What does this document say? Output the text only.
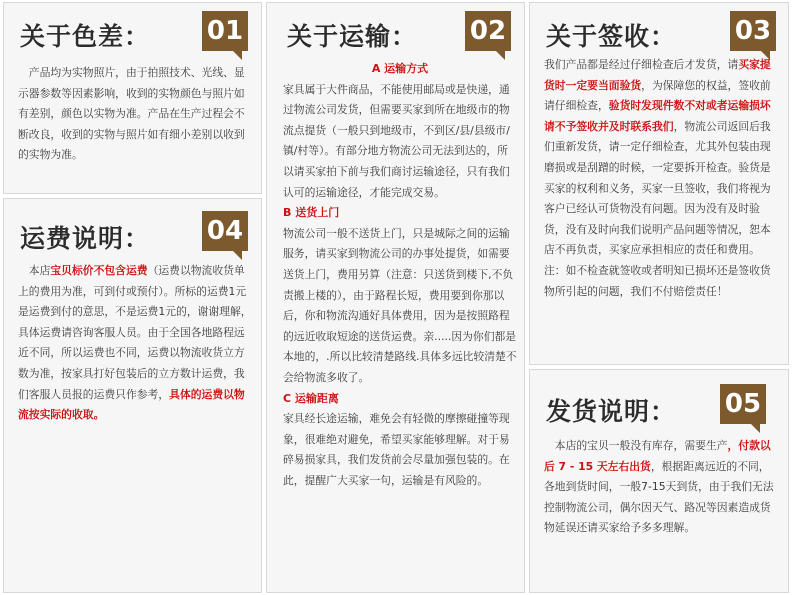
关于色差： 01

产品均为实物照片，由于拍照技术、光线、显示器参数等因素影响，收到的实物颜色与照片如有差别，颜色以实物为准。产品在生产过程会不断改良，收到的实物与照片如有细小差别以收到的实物为准。

运费说明： 04

本店宝贝标价不包含运费（运费以物流收货单上的费用为准，可到付或预付）。所标的运费1元是运费到付的意思，不是运费1元的，谢谢理解，具体运费请咨询客服人员。由于全国各地路程远近不同，所以运费也不同，运费以物流收货立方数为准，按家具打好包装后的立方数计运费，我们客服人员报的运费只作参考，具体的运费以物流按实际的收取。

关于运输： 02

A 运输方式

家具属于大件商品，不能使用邮局或是快递，通过物流公司发货，但需要买家到所在地级市的物流点提货（一般只到地级市，不到区/县/县级市/镇/村等）。有部分地方物流公司无法到达的，所以请买家拍下前与我们商讨运输途径，只有我们认可的运输途径，才能完成交易。

B 送货上门

物流公司一般不送货上门，只是城际之间的运输服务，请买家到物流公司的办事处提货，如需要送货上门，费用另算（注意：只送货到楼下,不负责搬上楼的），由于路程长短，费用要到你那以后，你和物流沟通好具体费用，因为是按照路程的远近收取短途的送货运费。亲.....因为你们都是本地的，.所以比较清楚路线.具体多远比较清楚不会给物流多收了。

C 运输距离

家具经长途运输，难免会有轻微的摩擦碰撞等现象，很难绝对避免，希望买家能够理解。对于易碎易损家具，我们发货前会尽量加强包装的。在此，提醒广大买家一句，运输是有风险的。

关于签收： 03

我们产品都是经过仔细检查后才发货，请买家提货时一定要当面验货，为保障您的权益，签收前请仔细检查，验货时发现件数不对或者运输损坏请不予签收并及时联系我们，物流公司返回后我们重新发货，请一定仔细检查，尤其外包装由现磨损或是刮蹭的时候，一定要拆开检查。验货是买家的权利和义务，买家一旦签收，我们将视为客户已经认可货物没有问题。因为没有及时验货，没有及时向我们说明产品问题等情况，恕本店不再负责，买家应承担相应的责任和费用。注：如不检查就签收或者明知已损坏还是签收货物所引起的问题，我们不付赔偿责任！

发货说明： 05

本店的宝贝一般没有库存，需要生产，付款以后 7 - 15 天左右出货，根据距离远近的不同，各地到货时间，一般7-15天到货，由于我们无法控制物流公司，偶尔因天气、路况等因素造成货物延误还请买家给予多多理解。
